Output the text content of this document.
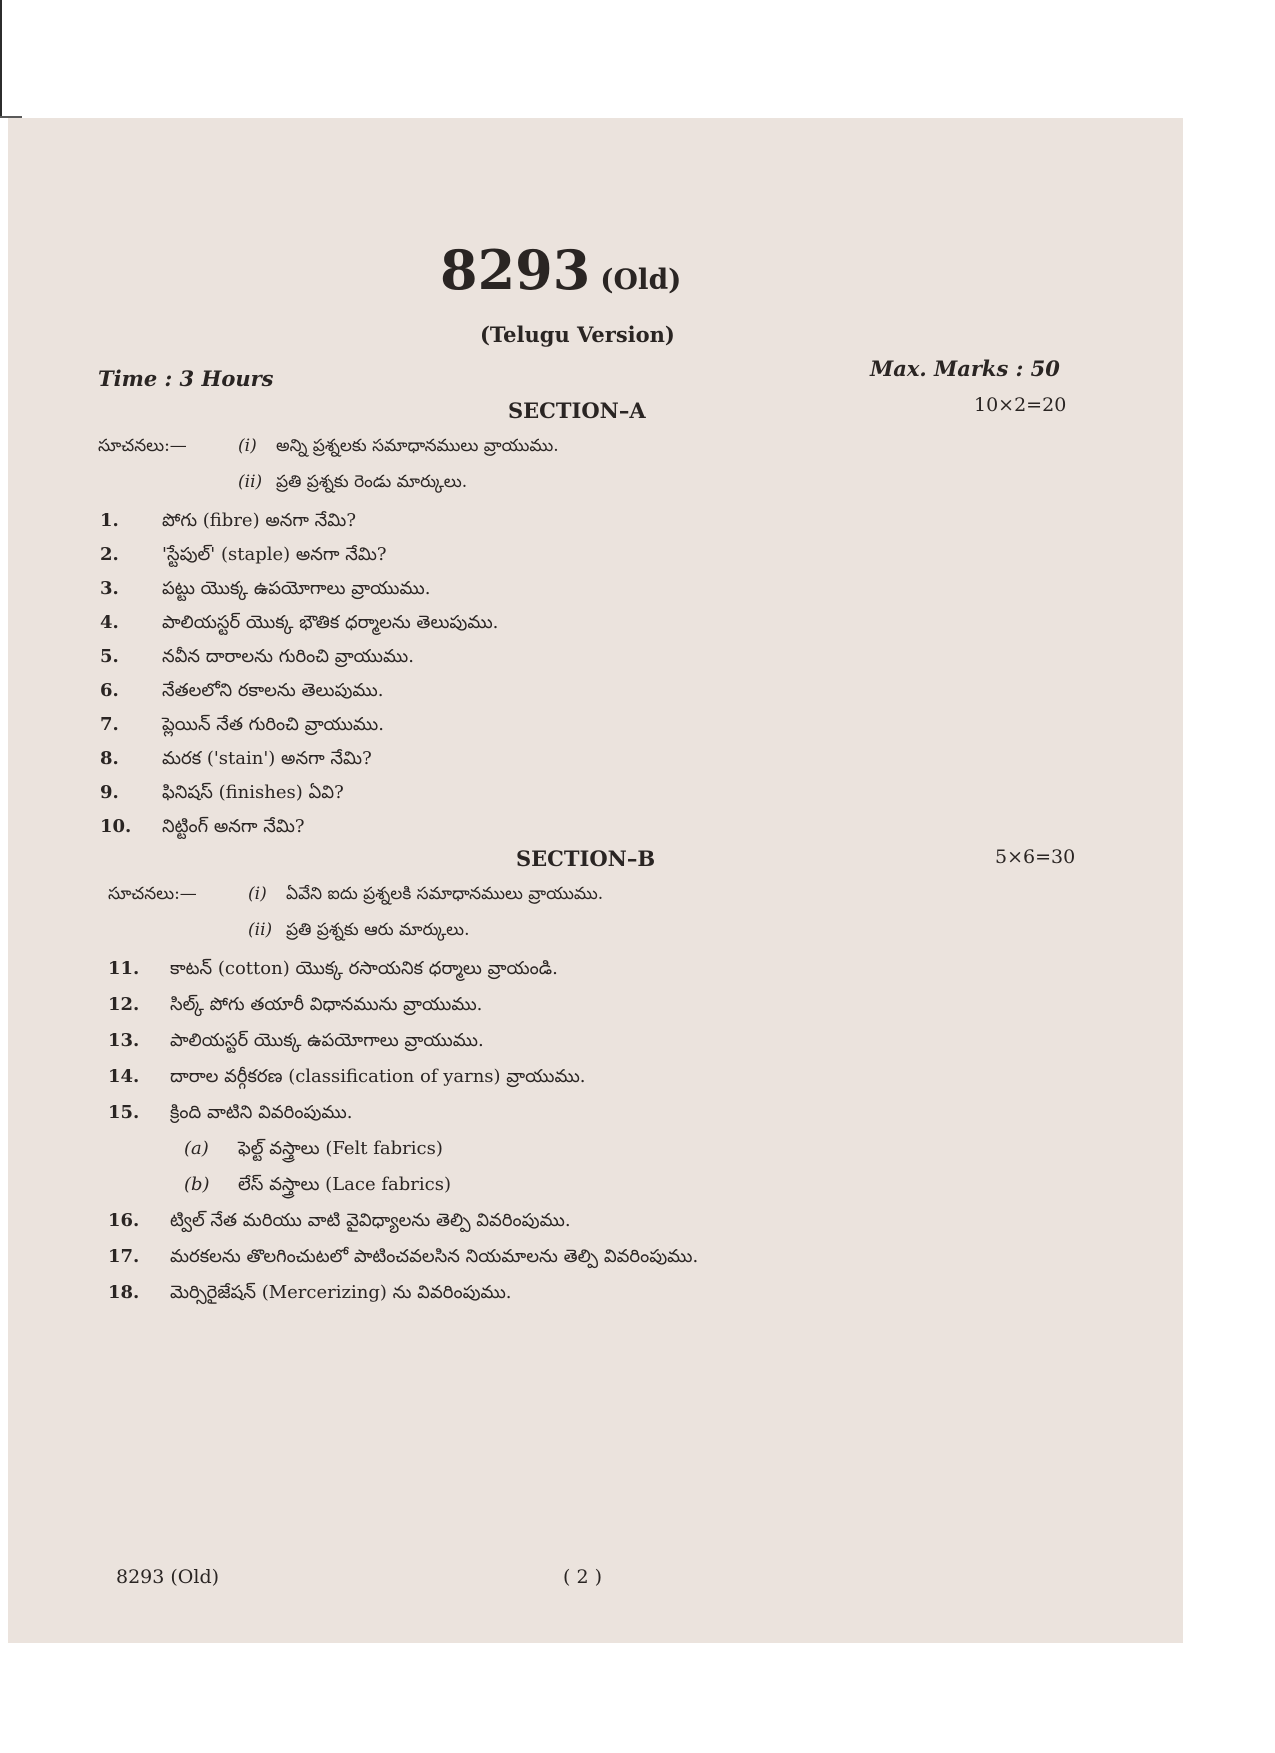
8293 (Old)
(Telugu Version)
Time : 3 Hours	Max. Marks : 50
SECTION–A	10×2=20
సూచనలు:—	(i) అన్ని ప్రశ్నలకు సమాధానములు వ్రాయుము.
(ii) ప్రతి ప్రశ్నకు రెండు మార్కులు.
1.	పోగు (fibre) అనగా నేమి?
2.	'స్టేపుల్' (staple) అనగా నేమి?
3.	పట్టు యొక్క ఉపయోగాలు వ్రాయుము.
4.	పాలియస్టర్ యొక్క భౌతిక ధర్మాలను తెలుపుము.
5.	నవీన దారాలను గురించి వ్రాయుము.
6.	నేతలలోని రకాలను తెలుపుము.
7.	ప్లెయిన్ నేత గురించి వ్రాయుము.
8.	మరక ('stain') అనగా నేమి?
9.	ఫినిషస్ (finishes) ఏవి?
10.	నిట్టింగ్ అనగా నేమి?
SECTION–B	5×6=30
సూచనలు:—	(i) ఏవేని ఐదు ప్రశ్నలకి సమాధానములు వ్రాయుము.
(ii) ప్రతి ప్రశ్నకు ఆరు మార్కులు.
11.	కాటన్ (cotton) యొక్క రసాయనిక ధర్మాలు వ్రాయండి.
12.	సిల్క్ పోగు తయారీ విధానమును వ్రాయుము.
13.	పాలియస్టర్ యొక్క ఉపయోగాలు వ్రాయుము.
14.	దారాల వర్గీకరణ (classification of yarns) వ్రాయుము.
15.	క్రింది వాటిని వివరింపుము.
(a) ఫెల్ట్ వస్త్రాలు (Felt fabrics)
(b) లేస్ వస్త్రాలు (Lace fabrics)
16.	ట్విల్ నేత మరియు వాటి వైవిధ్యాలను తెల్పి వివరింపుము.
17.	మరకలను తొలగించుటలో పాటించవలసిన నియమాలను తెల్పి వివరింపుము.
18.	మెర్సిరైజేషన్ (Mercerizing) ను వివరింపుము.
8293 (Old)	( 2 )
